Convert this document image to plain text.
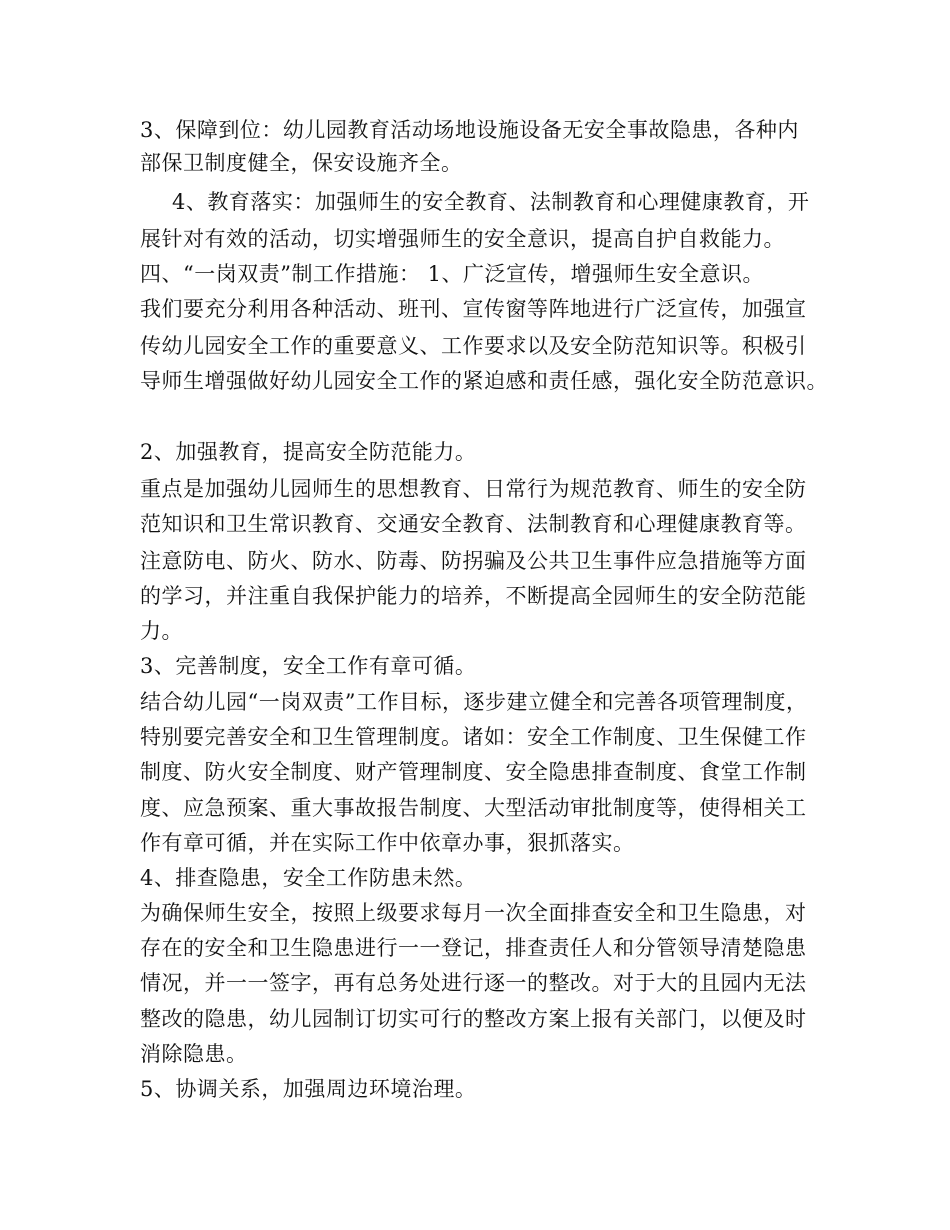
3、保障到位：幼儿园教育活动场地设施设备无安全事故隐患，各种内
部保卫制度健全，保安设施齐全。
4、教育落实：加强师生的安全教育、法制教育和心理健康教育，开
展针对有效的活动，切实增强师生的安全意识，提高自护自救能力。
四、“一岗双责”制工作措施： 1、广泛宣传，增强师生安全意识。
我们要充分利用各种活动、班刊、宣传窗等阵地进行广泛宣传，加强宣
传幼儿园安全工作的重要意义、工作要求以及安全防范知识等。积极引
导师生增强做好幼儿园安全工作的紧迫感和责任感，强化安全防范意识。
2、加强教育，提高安全防范能力。
重点是加强幼儿园师生的思想教育、日常行为规范教育、师生的安全防
范知识和卫生常识教育、交通安全教育、法制教育和心理健康教育等。
注意防电、防火、防水、防毒、防拐骗及公共卫生事件应急措施等方面
的学习，并注重自我保护能力的培养，不断提高全园师生的安全防范能
力。
3、完善制度，安全工作有章可循。
结合幼儿园“一岗双责”工作目标，逐步建立健全和完善各项管理制度，
特别要完善安全和卫生管理制度。诸如：安全工作制度、卫生保健工作
制度、防火安全制度、财产管理制度、安全隐患排查制度、食堂工作制
度、应急预案、重大事故报告制度、大型活动审批制度等，使得相关工
作有章可循，并在实际工作中依章办事，狠抓落实。
4、排查隐患，安全工作防患未然。
为确保师生安全，按照上级要求每月一次全面排查安全和卫生隐患，对
存在的安全和卫生隐患进行一一登记，排查责任人和分管领导清楚隐患
情况，并一一签字，再有总务处进行逐一的整改。对于大的且园内无法
整改的隐患，幼儿园制订切实可行的整改方案上报有关部门，以便及时
消除隐患。
5、协调关系，加强周边环境治理。
